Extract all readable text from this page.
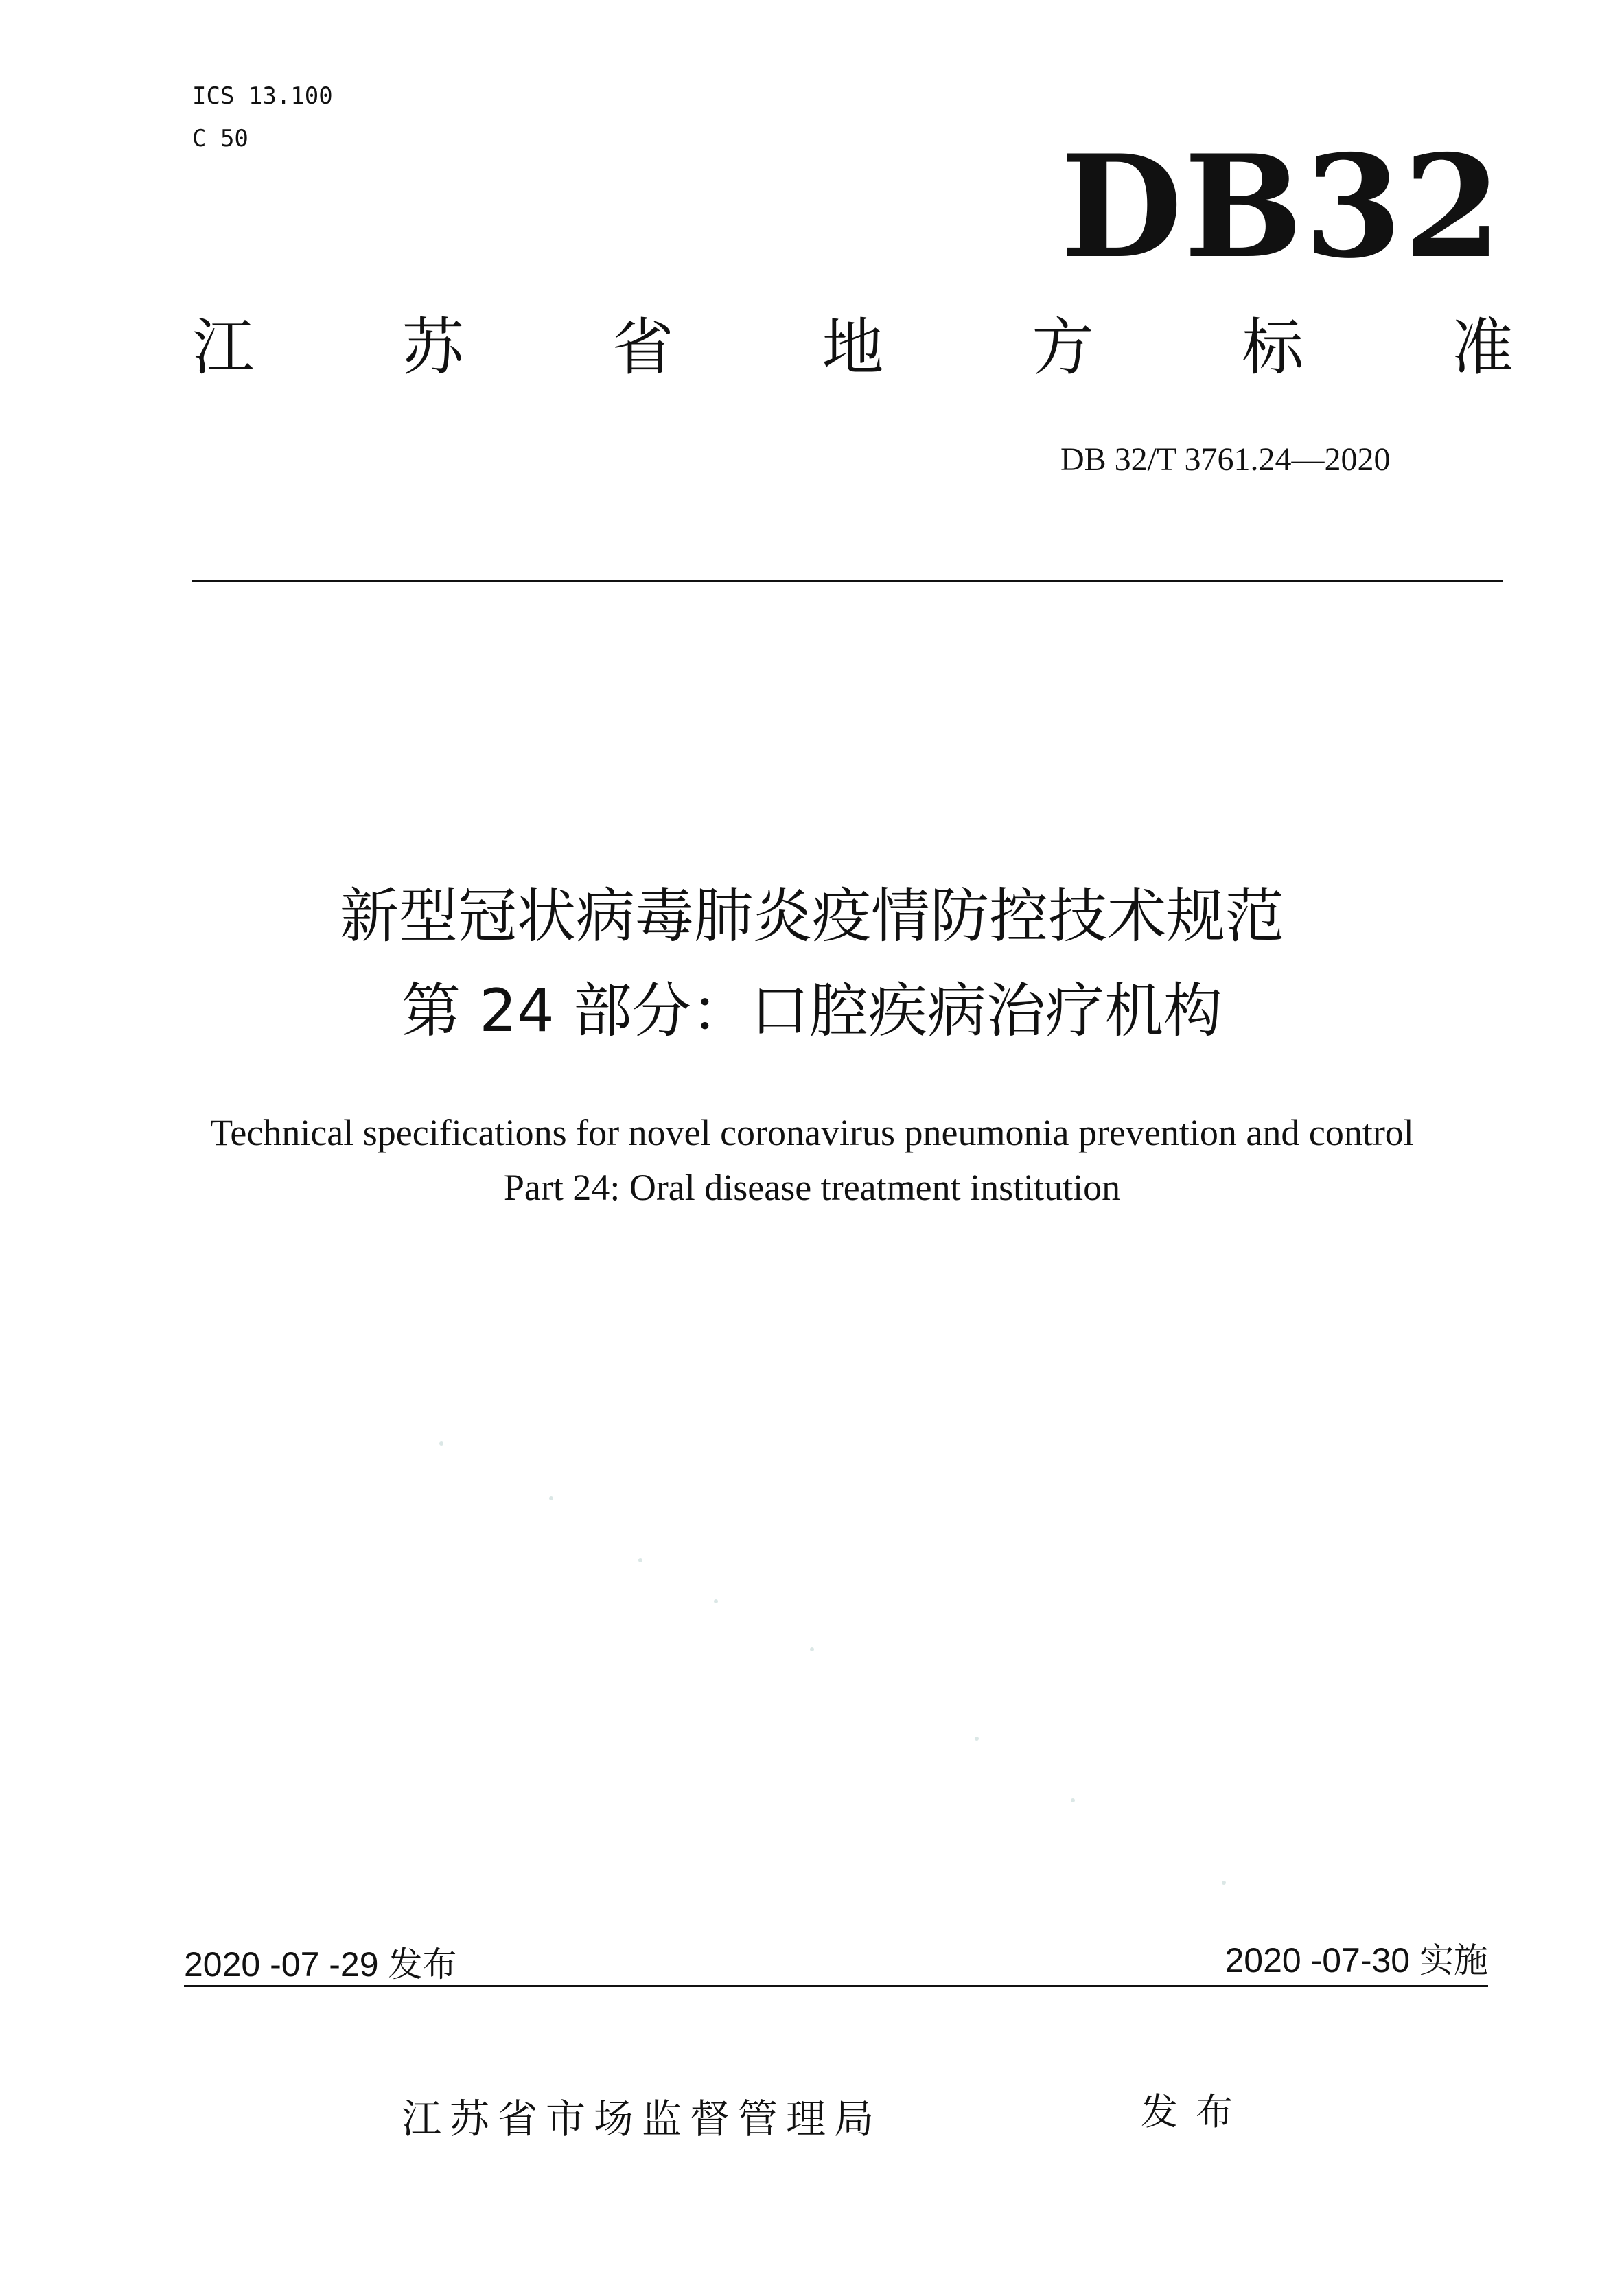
ICS 13.100
C 50	DB32
江 苏 省 地 方 标 准
DB 32/T 3761.24—2020
新型冠状病毒肺炎疫情防控技术规范
第 24 部分：口腔疾病治疗机构
Technical specifications for novel coronavirus pneumonia prevention and control
Part 24: Oral disease treatment institution
2020 -07 -29 发布	2020 -07-30 实施
江苏省市场监督管理局	发布
